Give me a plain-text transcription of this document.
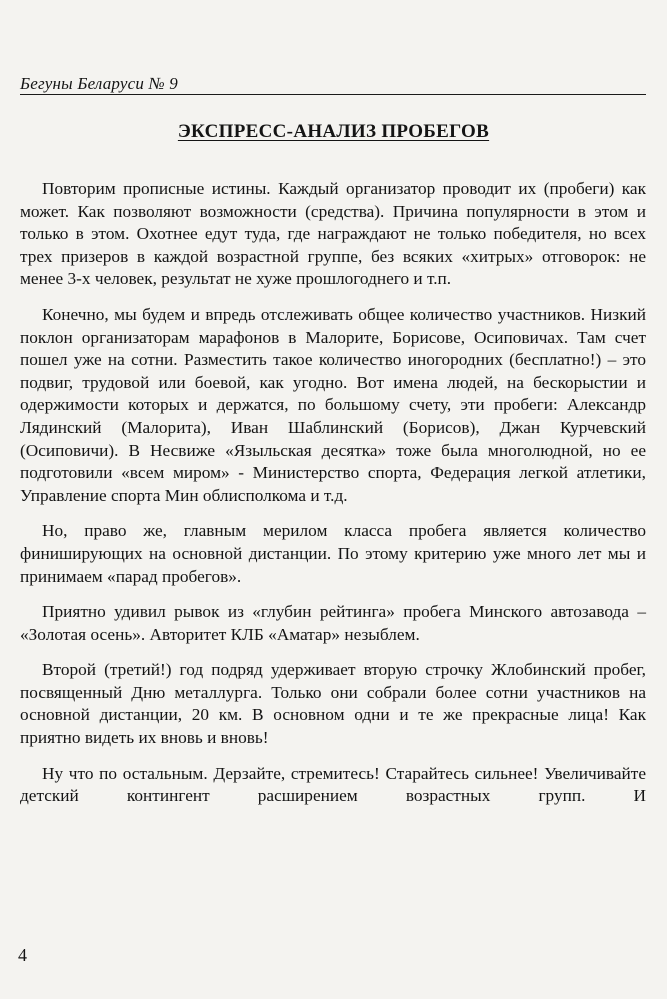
Бегуны Беларуси № 9
ЭКСПРЕСС-АНАЛИЗ ПРОБЕГОВ

Повторим прописные истины. Каждый организатор проводит их (пробеги) как может. Как позволяют возможности (средства). Причина популярности в этом и только в этом. Охотнее едут туда, где награждают не только победителя, но всех трех призеров в каждой возрастной группе, без всяких «хитрых» отговорок: не менее 3-х человек, результат не хуже прошлогоднего и т.п.

Конечно, мы будем и впредь отслеживать общее количество участников. Низкий поклон организаторам марафонов в Малорите, Борисове, Осиповичах. Там счет пошел уже на сотни. Разместить такое количество иногородних (бесплатно!) – это подвиг, трудовой или боевой, как угодно. Вот имена людей, на бескорыстии и одержимости которых и держатся, по большому счету, эти пробеги: Александр Лядинский (Малорита), Иван Шаблинский (Борисов), Джан Курчевский (Осиповичи). В Несвиже «Языльская десятка» тоже была многолюдной, но ее подготовили «всем миром» - Министерство спорта, Федерация легкой атлетики, Управление спорта Мин облисполкома и т.д.

Но, право же, главным мерилом класса пробега является количество финиширующих на основной дистанции. По этому критерию уже много лет мы и принимаем «парад пробегов».

Приятно удивил рывок из «глубин рейтинга» пробега Минского автозавода – «Золотая осень». Авторитет КЛБ «Аматар» незыблем.

Второй (третий!) год подряд удерживает вторую строчку Жлобинский пробег, посвященный Дню металлурга. Только они собрали более сотни участников на основной дистанции, 20 км. В основном одни и те же прекрасные лица! Как приятно видеть их вновь и вновь!

Ну что по остальным. Дерзайте, стремитесь! Старайтесь сильнее! Увеличивайте детский контингент расширением возрастных групп. И

4
